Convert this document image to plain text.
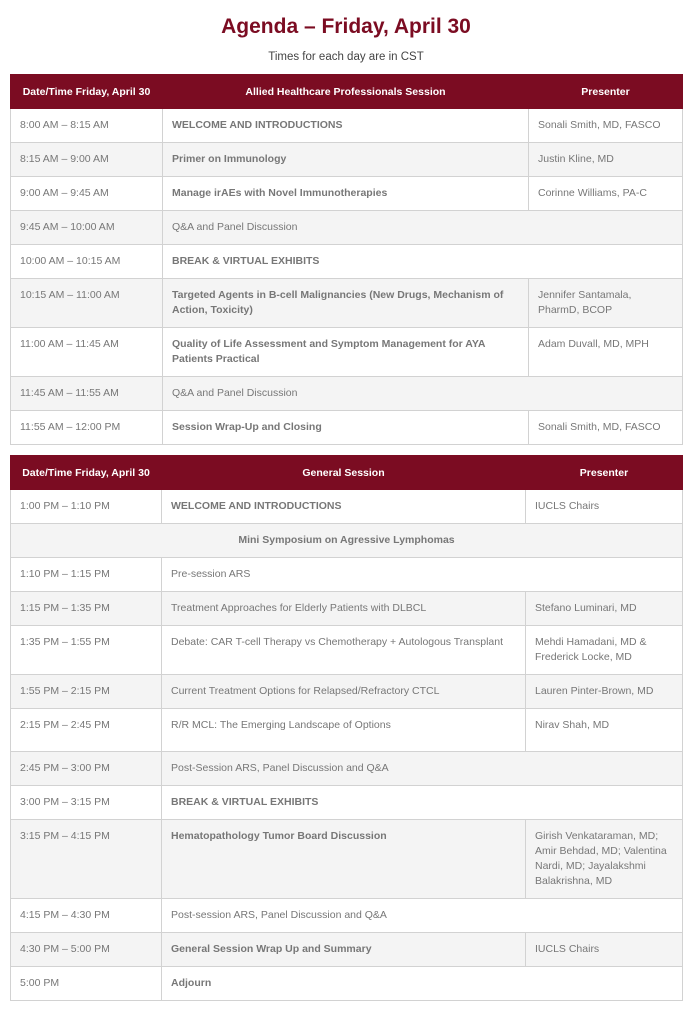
Agenda – Friday, April 30
Times for each day are in CST
Date/Time Friday, April 30	Allied Healthcare Professionals Session	Presenter
8:00 AM – 8:15 AM	WELCOME AND INTRODUCTIONS	Sonali Smith, MD, FASCO
8:15 AM – 9:00 AM	Primer on Immunology	Justin Kline, MD
9:00 AM – 9:45 AM	Manage irAEs with Novel Immunotherapies	Corinne Williams, PA-C
9:45 AM – 10:00 AM	Q&A and Panel Discussion	
10:00 AM – 10:15 AM	BREAK & VIRTUAL EXHIBITS	
10:15 AM – 11:00 AM	Targeted Agents in B-cell Malignancies (New Drugs, Mechanism of Action, Toxicity)	Jennifer Santamala, PharmD, BCOP
11:00 AM – 11:45 AM	Quality of Life Assessment and Symptom Management for AYA Patients Practical	Adam Duvall, MD, MPH
11:45 AM – 11:55 AM	Q&A and Panel Discussion	
11:55 AM – 12:00 PM	Session Wrap-Up and Closing	Sonali Smith, MD, FASCO
Date/Time Friday, April 30	General Session	Presenter
1:00 PM – 1:10 PM	WELCOME AND INTRODUCTIONS	IUCLS Chairs
Mini Symposium on Agressive Lymphomas		
1:10 PM – 1:15 PM	Pre-session ARS	
1:15 PM – 1:35 PM	Treatment Approaches for Elderly Patients with DLBCL	Stefano Luminari, MD
1:35 PM – 1:55 PM	Debate: CAR T-cell Therapy vs Chemotherapy + Autologous Transplant	Mehdi Hamadani, MD & Frederick Locke, MD
1:55 PM – 2:15 PM	Current Treatment Options for Relapsed/Refractory CTCL	Lauren Pinter-Brown, MD
2:15 PM – 2:45 PM	R/R MCL: The Emerging Landscape of Options	Nirav Shah, MD
2:45 PM – 3:00 PM	Post-Session ARS, Panel Discussion and Q&A	
3:00 PM – 3:15 PM	BREAK & VIRTUAL EXHIBITS	
3:15 PM – 4:15 PM	Hematopathology Tumor Board Discussion	Girish Venkataraman, MD; Amir Behdad, MD; Valentina Nardi, MD; Jayalakshmi Balakrishna, MD
4:15 PM – 4:30 PM	Post-session ARS, Panel Discussion and Q&A	
4:30 PM – 5:00 PM	General Session Wrap Up and Summary	IUCLS Chairs
5:00 PM	Adjourn	
